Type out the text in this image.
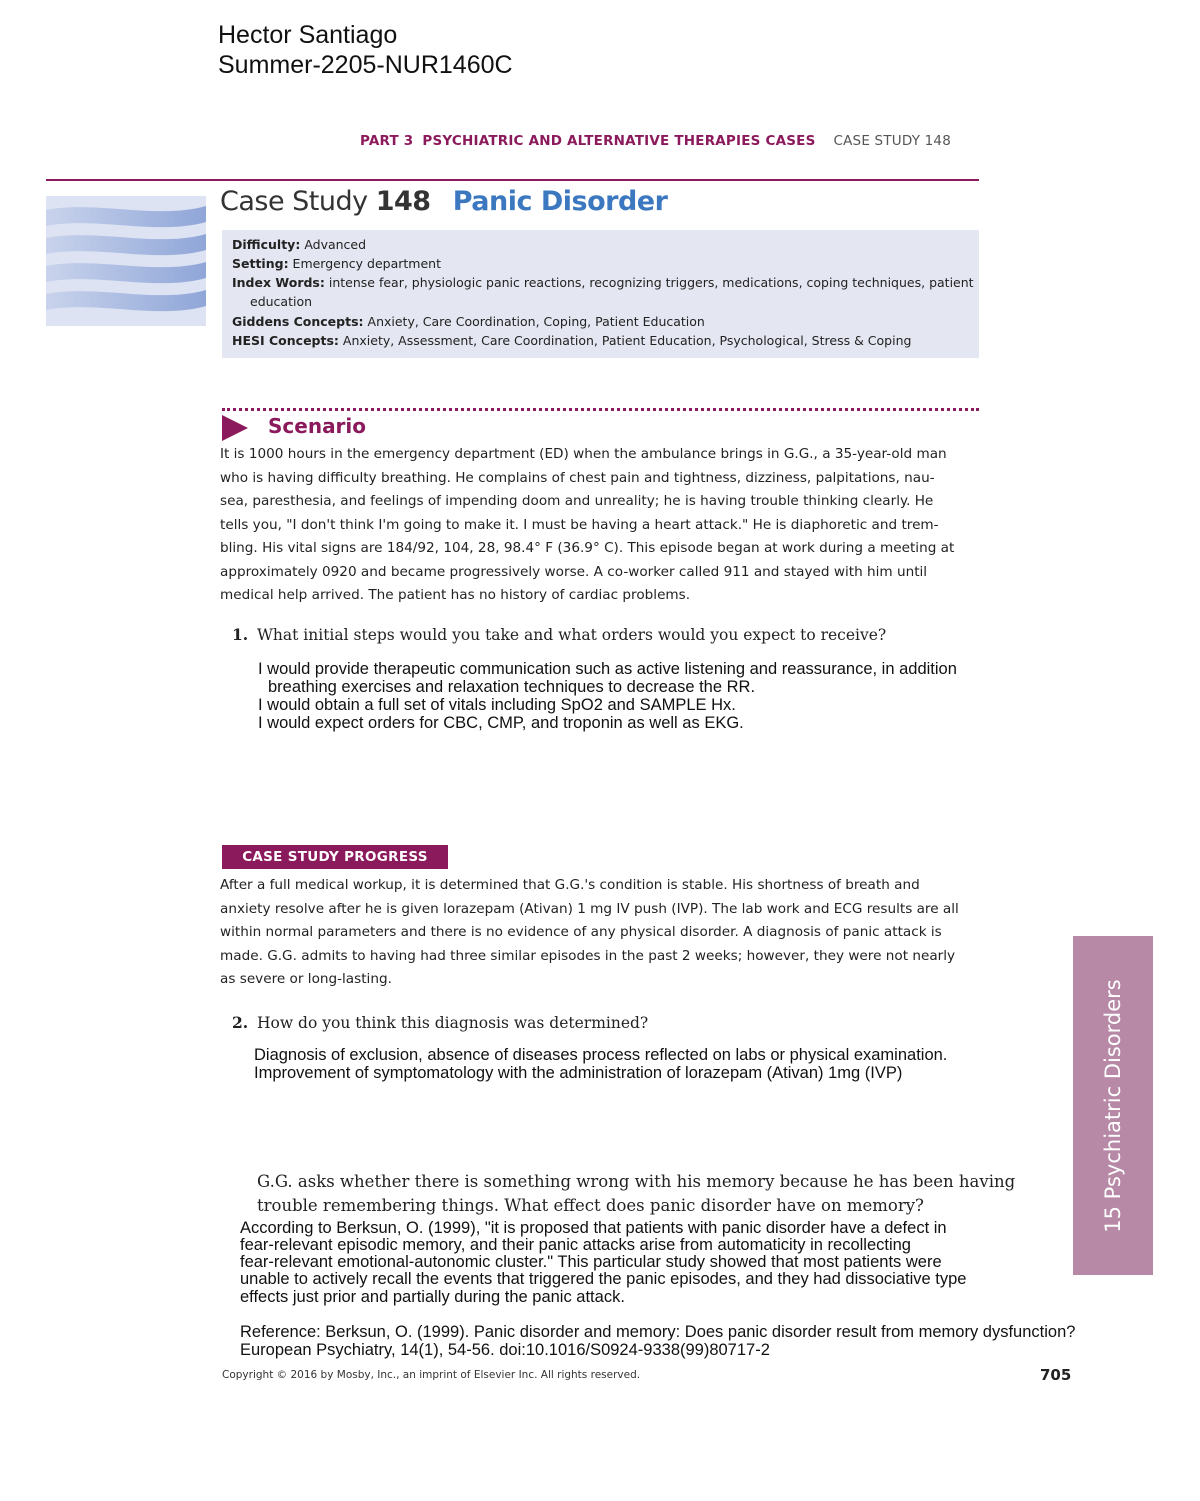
Hector Santiago
Summer-2205-NUR1460C
PART 3 PSYCHIATRIC AND ALTERNATIVE THERAPIES CASES CASE STUDY 148
Case Study 148 Panic Disorder
Difficulty: Advanced
Setting: Emergency department
Index Words: intense fear, physiologic panic reactions, recognizing triggers, medications, coping techniques, patient
education
Giddens Concepts: Anxiety, Care Coordination, Coping, Patient Education
HESI Concepts: Anxiety, Assessment, Care Coordination, Patient Education, Psychological, Stress & Coping
Scenario
It is 1000 hours in the emergency department (ED) when the ambulance brings in G.G., a 35-year-old man
who is having difficulty breathing. He complains of chest pain and tightness, dizziness, palpitations, nau-
sea, paresthesia, and feelings of impending doom and unreality; he is having trouble thinking clearly. He
tells you, "I don't think I'm going to make it. I must be having a heart attack." He is diaphoretic and trem-
bling. His vital signs are 184/92, 104, 28, 98.4° F (36.9° C). This episode began at work during a meeting at
approximately 0920 and became progressively worse. A co-worker called 911 and stayed with him until
medical help arrived. The patient has no history of cardiac problems.
1. What initial steps would you take and what orders would you expect to receive?
I would provide therapeutic communication such as active listening and reassurance, in addition
breathing exercises and relaxation techniques to decrease the RR.
I would obtain a full set of vitals including SpO2 and SAMPLE Hx.
I would expect orders for CBC, CMP, and troponin as well as EKG.
CASE STUDY PROGRESS
After a full medical workup, it is determined that G.G.'s condition is stable. His shortness of breath and
anxiety resolve after he is given lorazepam (Ativan) 1 mg IV push (IVP). The lab work and ECG results are all
within normal parameters and there is no evidence of any physical disorder. A diagnosis of panic attack is
made. G.G. admits to having had three similar episodes in the past 2 weeks; however, they were not nearly
as severe or long-lasting.
2. How do you think this diagnosis was determined?
Diagnosis of exclusion, absence of diseases process reflected on labs or physical examination.
Improvement of symptomatology with the administration of lorazepam (Ativan) 1mg (IVP)
G.G. asks whether there is something wrong with his memory because he has been having
trouble remembering things. What effect does panic disorder have on memory?
According to Berksun, O. (1999), "it is proposed that patients with panic disorder have a defect in
fear-relevant episodic memory, and their panic attacks arise from automaticity in recollecting
fear-relevant emotional-autonomic cluster." This particular study showed that most patients were
unable to actively recall the events that triggered the panic episodes, and they had dissociative type
effects just prior and partially during the panic attack.
Reference: Berksun, O. (1999). Panic disorder and memory: Does panic disorder result from memory dysfunction?
European Psychiatry, 14(1), 54-56. doi:10.1016/S0924-9338(99)80717-2
Copyright © 2016 by Mosby, Inc., an imprint of Elsevier Inc. All rights reserved.	705
15 Psychiatric Disorders
